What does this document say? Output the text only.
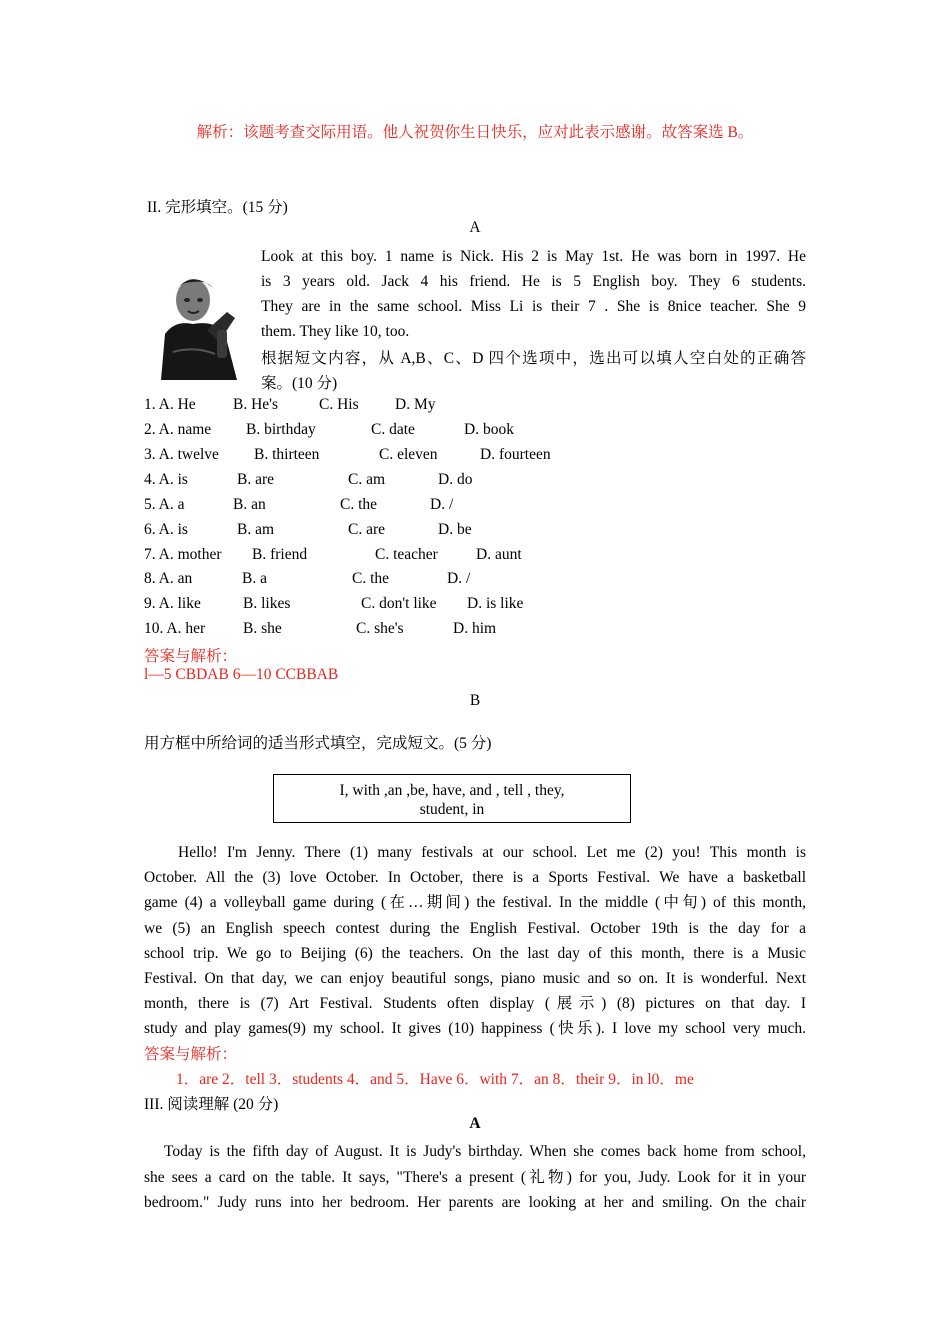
解析：该题考查交际用语。他人祝贺你生日快乐，应对此表示感谢。故答案选 B。
II. 完形填空。(15 分)
A
Look at this boy. 1 name is Nick. His 2 is May 1st. He was born in 1997. He
is 3 years old. Jack 4 his friend. He is 5 English boy. They 6 students.
They are in the same school. Miss Li is their 7 . She is 8nice teacher. She 9
them. They like 10, too.
根据短文内容，从 A,B、C、D 四个选项中，选出可以填人空白处的正确答
案。(10 分)
1. A. He B. He's	C. His D. My
2. A. name B. birthday	C. date	D. book
3. A. twelve B. thirteen	C. eleven	D. fourteen
4. A. is	B. are	C. am	D. do
5. A. a	B. an	C. the	D. /
6. A. is	B. am	C. are	D. be
7. A. mother B. friend	C. teacher D. aunt
8. A. an	B. a	C. the	D. /
9. A. like	B. likes	C. don't like D. is like
10. A. her B. she	C. she's	D. him
答案与解析：
l—5 CBDAB 6—10 CCBBAB
B
用方框中所给词的适当形式填空，完成短文。(5 分)
I, with ,an ,be, have, and , tell , they,
student, in
Hello! I'm Jenny. There (1) many festivals at our school. Let me (2) you! This month is
October. All the (3) love October. In October, there is a Sports Festival. We have a basketball
game (4) a volleyball game during (在…期间) the festival. In the middle (中旬) of this month,
we (5) an English speech contest during the English Festival. October 19th is the day for a
school trip. We go to Beijing (6) the teachers. On the last day of this month, there is a Music
Festival. On that day, we can enjoy beautiful songs, piano music and so on. It is wonderful. Next
month, there is (7) Art Festival. Students often display (展示) (8) pictures on that day. I
study and play games(9) my school. It gives (10) happiness (快乐). I love my school very much.
答案与解析：
1．are 2．tell 3．students 4．and 5．Have 6．with 7．an 8．their 9．in l0．me
III. 阅读理解 (20 分)
A
Today is the fifth day of August. It is Judy's birthday. When she comes back home from school,
she sees a card on the table. It says, "There's a present (礼物) for you, Judy. Look for it in your
bedroom." Judy runs into her bedroom. Her parents are looking at her and smiling. On the chair
